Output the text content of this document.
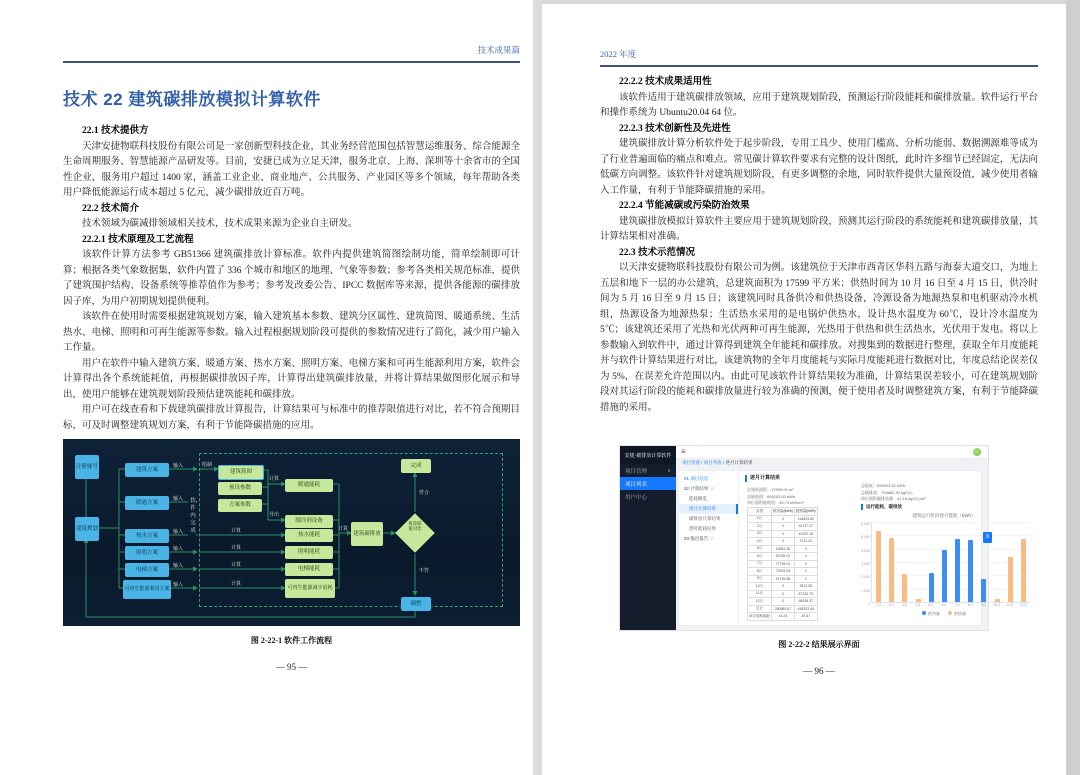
技术成果篇
技术 22 建筑碳排放模拟计算软件

22.1 技术提供方

天津安捷物联科技股份有限公司是一家创新型科技企业，其业务经营范围包括智慧运维服务、综合能源全生命周期服务、智慧能源产品研发等。目前，安捷已成为立足天津，服务北京、上海、深圳等十余省市的全国性企业，服务用户超过 1400 家，涵盖工业企业、商业地产、公共服务、产业园区等多个领域，每年帮助各类用户降低能源运行成本超过 5 亿元，减少碳排放近百万吨。

22.2 技术简介

技术领域为碳减排领域相关技术，技术成果来源为企业自主研发。

22.2.1 技术原理及工艺流程

该软件计算方法参考 GB51366 建筑碳排放计算标准。软件内提供建筑简图绘制功能，简单绘制即可计算；根据各类气象数据集，软件内置了 336 个城市和地区的地理、气象等参数；参考各类相关规范标准，提供了建筑围护结构、设备系统等推荐值作为参考；参考发改委公告、IPCC 数据库等来源，提供各能源的碳排放因子库，为用户初期规划提供便利。

该软件在使用时需要根据建筑规划方案，输入建筑基本参数、建筑分区属性、建筑简图、暖通系统、生活热水、电梯、照明和可再生能源等参数。输入过程根据规划阶段可提供的参数情况进行了简化，减少用户输入工作量。

用户在软件中输入建筑方案、暖通方案、热水方案、照明方案、电梯方案和可再生能源利用方案，软件会计算得出各个系统能耗值，再根据碳排放因子库，计算得出建筑碳排放量，并将计算结果做图形化展示和导出，使用户能够在建筑规划阶段预估建筑能耗和碳排放。

用户可在线查看和下载建筑碳排放计算报告，计算结果可与标准中的推荐限值进行对比，若不符合预期目标，可及时调整建筑规划方案，有利于节能降碳措施的应用。

软件内完成
注册账号
建筑规划
建筑方案
暖通方案
热水方案
照明方案
电梯方案
可再生能源利用方案
输入
输入
输入
输入
输入
输入
绘制
建筑简图
预设参数
方案参数
计算
导出
计算
计算
计算
计算
暖通能耗
制冷剂设备
热水能耗
照明能耗
电梯能耗
可再生能源减少消耗
计算
建筑碳排放
推荐限值对比
完成
符合
不符
调整
图 2-22-1 软件工作流程
— 95 —
2022 年度

22.2.2 技术成果适用性

该软件适用于建筑碳排放领域，应用于建筑规划阶段，预测运行阶段能耗和碳排放量。软件运行平台和操作系统为 Ubuntu20.04 64 位。

22.2.3 技术创新性及先进性

建筑碳排放计算分析软件处于起步阶段，专用工具少、使用门槛高、分析功能弱、数据溯源难等成为了行业普遍面临的痛点和难点。常见碳计算软件要求有完整的设计图纸，此时许多细节已经固定，无法向低碳方向调整。该软件针对建筑规划阶段，有更多调整的余地，同时软件提供大量预设值，减少使用者输入工作量，有利于节能降碳措施的采用。

22.2.4 节能减碳或污染防治效果

建筑碳排放模拟计算软件主要应用于建筑规划阶段，预测其运行阶段的系统能耗和建筑碳排放量，其计算结果相对准确。

22.3 技术示范情况

以天津安捷物联科技股份有限公司为例。该建筑位于天津市西青区华科五路与海泰大道交口，为地上五层和地下一层的办公建筑，总建筑面积为 17599 平方米；供热时间为 10 月 16 日至 4 月 15 日，供冷时间为 5 月 16 日至 9 月 15 日；该建筑同时具备供冷和供热设备，冷源设备为地源热泵和电机驱动冷水机组，热源设备为地源热泵；生活热水采用的是电锅炉供热水，设计热水温度为 60℃，设计冷水温度为 5℃；该建筑还采用了光热和光伏两种可再生能源，光热用于供热和供生活热水，光伏用于发电。将以上参数输入到软件中，通过计算得到建筑全年能耗和碳排放。对搜集到的数据进行整理，获取全年月度能耗并与软件计算结果进行对比，该建筑物的全年月度能耗与实际月度能耗进行数据对比，年度总结论误差仅为 5%，在误差允许范围以内。由此可见该软件计算结果较为准确，计算结果误差较小，可在建筑规划阶段对其运行阶段的能耗和碳排放量进行较为准确的预测，便于使用者及时调整建筑方案，有利于节能降碳措施的采用。

安捷·碳排放计算软件
项目管理	∨
项目列表
用户中心
≡
项目管理 / 项目列表 / 逐月计算结果
01 项目信息
02 计算结果 ∨
能耗概览
逐月计算结果
碳排放计算结果
逐时能耗结果
03 输出报告 ∨
逐月计算结果
总建筑面积：17599.00 m²
总能耗值：699203.52 kWh
单位面积能耗值：39.73 kWh/m²
总能耗：699203.52 kWh
总碳排放：724682.30 kgCO₂
单位面积碳排放量：41.18 kgCO₂/m²
运行能耗、碳排放
月份	供冷量(kWh)	供热量(kWh)
1月	0	118633.80
2月	0	94737.27
3月	0	42092.16
4月	0	3722.24
5月	19861.35	0
6月	53705.02	0
7月	77754.01	0
8月	77824.63	0
9月	21735.86	0
10月	0	3874.08
11月	0	87226.73
12月	0	98036.37
总计	250880.87	448322.65
单位面积能耗	14.26	25.47
建筑运行阶段逐月能耗（kWh）
0
1,000
2,000
3,000
4,000
5,000
6,000
1月	2月	3月	4月	5月	6月	7月	8月	9月	10月	11月	12月
供冷量	供热量
≡
图 2-22-2 结果展示界面
— 96 —
